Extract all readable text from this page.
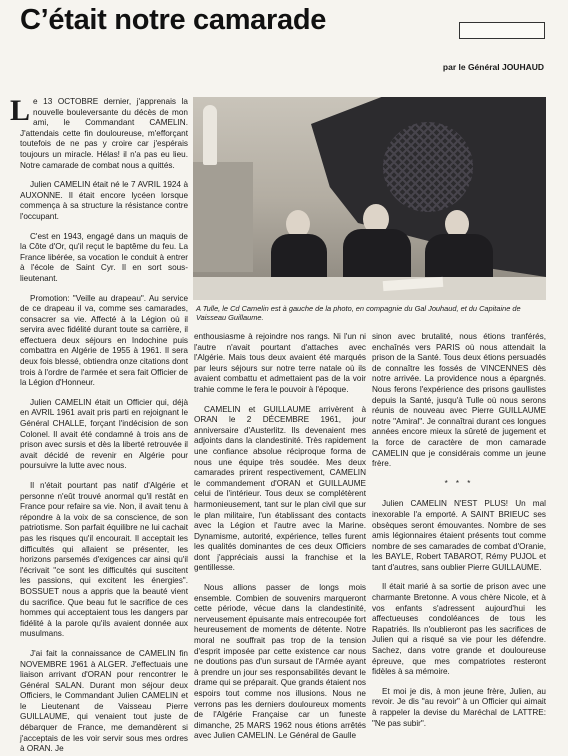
C’était notre camarade
par le Général JOUHAUD

Le 13 OCTOBRE dernier, j'apprenais la nouvelle bouleversante du décès de mon ami, le Commandant CAMELIN. J'attendais cette fin douloureuse, m'efforçant toutefois de ne pas y croire car j'espérais toujours un miracle. Hélas! il n'a pas eu lieu. Notre camarade de combat nous a quittés.

Julien CAMELIN était né le 7 AVRIL 1924 à AUXONNE. Il était encore lycéen lorsque commença à sa structure la résistance contre l'occupant.

C'est en 1943, engagé dans un maquis de la Côte d'Or, qu'il reçut le baptême du feu. La France libérée, sa vocation le conduit à entrer à l'école de Saint Cyr. Il en sort sous-lieutenant.

Promotion: "Veille au drapeau". Au service de ce drapeau il va, comme ses camarades, consacrer sa vie. Affecté à la Légion où il servira avec fidélité durant toute sa carrière, il effectuera deux séjours en Indochine puis combattra en Algérie de 1955 à 1961. Il sera deux fois blessé, obtiendra onze citations dont trois à l'ordre de l'armée et sera fait Officier de la Légion d'Honneur.

Julien CAMELIN était un Officier qui, déjà en AVRIL 1961 avait pris parti en rejoignant le Général CHALLE, forçant l'indécision de son Colonel. Il avait été condamné à trois ans de prison avec sursis et dès la liberté retrouvée il avait décidé de revenir en Algérie pour poursuivre la lutte avec nous.

Il n'était pourtant pas natif d'Algérie et personne n'eût trouvé anormal qu'il restât en France pour refaire sa vie. Non, il avait tenu à répondre à la voix de sa conscience, de son patriotisme. Son parfait équilibre ne lui cachait pas les risques qu'il encourait. Il acceptait les difficultés qui allaient se présenter, les horizons parsemés d'exigences car ainsi qu'il l'écrivait "ce sont les difficultés qui suscitent les passions, qui excitent les énergies". BOSSUET nous a appris que la beauté vient du sacrifice. Que beau fut le sacrifice de ces hommes qui acceptaient tous les dangers par fidélité à la parole qu'ils avaient donnée aux musulmans.

J'ai fait la connaissance de CAMELIN fin NOVEMBRE 1961 à ALGER. J'effectuais une liaison arrivant d'ORAN pour rencontrer le Général SALAN. Durant mon séjour deux Officiers, le Commandant Julien CAMELIN et le Lieutenant de Vaisseau Pierre GUILLAUME, qui venaient tout juste de débarquer de France, me demandèrent si j'acceptais de les voir servir sous mes ordres à ORAN. Je

A Tulle, le Cd Camelin est à gauche de la photo, en compagnie du Gal Jouhaud, et du Capitaine de Vaisseau Guillaume.

enthousiasme à rejoindre nos rangs. Ni l'un ni l'autre n'avait pourtant d'attaches avec l'Algérie. Mais tous deux avaient été marqués par leurs séjours sur notre terre natale où ils avaient combattu et admettaient pas de la voir trahie comme le fera le pouvoir à l'époque.

CAMELIN et GUILLAUME arrivèrent à ORAN le 2 DÉCEMBRE 1961, jour anniversaire d'Austerlitz. Ils devenaient mes adjoints dans la clandestinité. Très rapidement une confiance absolue réciproque forma de nous une équipe très soudée. Mes deux camarades prirent respectivement, CAMELIN le commandement d'ORAN et GUILLAUME celui de l'intérieur. Tous deux se complétèrent harmonieusement, tant sur le plan civil que sur le plan militaire, l'un établissant des contacts avec la Légion et l'autre avec la Marine. Dynamisme, autorité, expérience, telles furent les qualités dominantes de ces deux Officiers dont j'appréciais aussi la franchise et la gentillesse.

Nous allions passer de longs mois ensemble. Combien de souvenirs marqueront cette période, vécue dans la clandestinité, nerveusement épuisante mais entrecoupée fort heureusement de moments de détente. Notre moral ne souffrait pas trop de la tension d'esprit imposée par cette existence car nous ne doutions pas d'un sursaut de l'Armée ayant à prendre un jour ses responsabilités devant le drame qui se préparait. Que grands étaient nos espoirs tout comme nos illusions. Nous ne verrons pas les derniers douloureux moments de l'Algérie Française car un funeste dimanche, 25 MARS 1962 nous étions arrêtés avec Julien CAMELIN. Le Général de Gaulle

sinon avec brutalité, nous étions tranférés, enchaînés vers PARIS où nous attendait la prison de la Santé. Tous deux étions persuadés de connaître les fossés de VINCENNES dès notre arrivée. La providence nous a épargnés. Nous ferons l'expérience des prisons gaullistes depuis la Santé, jusqu'à Tulle où nous serons réunis de nouveau avec Pierre GUILLAUME notre "Amiral". Je connaîtrai durant ces longues années encore mieux la sûreté de jugement et la force de caractère de mon camarade CAMELIN que je considérais comme un jeune frère.

* * *

Julien CAMELIN N'EST PLUS! Un mal inexorable l'a emporté. A SAINT BRIEUC ses obsèques seront émouvantes. Nombre de ses amis légionnaires étaient présents tout comme nombre de ses camarades de combat d'Oranie, les BAYLE, Robert TABAROT, Rémy PUJOL et tant d'autres, sans oublier Pierre GUILLAUME.

Il était marié à sa sortie de prison avec une charmante Bretonne. A vous chère Nicole, et à vos enfants s'adressent aujourd'hui les affectueuses condoléances de tous les Rapatriés. Ils n'oublieront pas les sacrifices de Julien qui a risqué sa vie pour les défendre. Sachez, dans votre grande et douloureuse épreuve, que mes compatriotes resteront fidèles à sa mémoire.

Et moi je dis, à mon jeune frère, Julien, au revoir. Je dis "au revoir" à un Officier qui aimait à rappeler la devise du Maréchal de LATTRE: "Ne pas subir".
